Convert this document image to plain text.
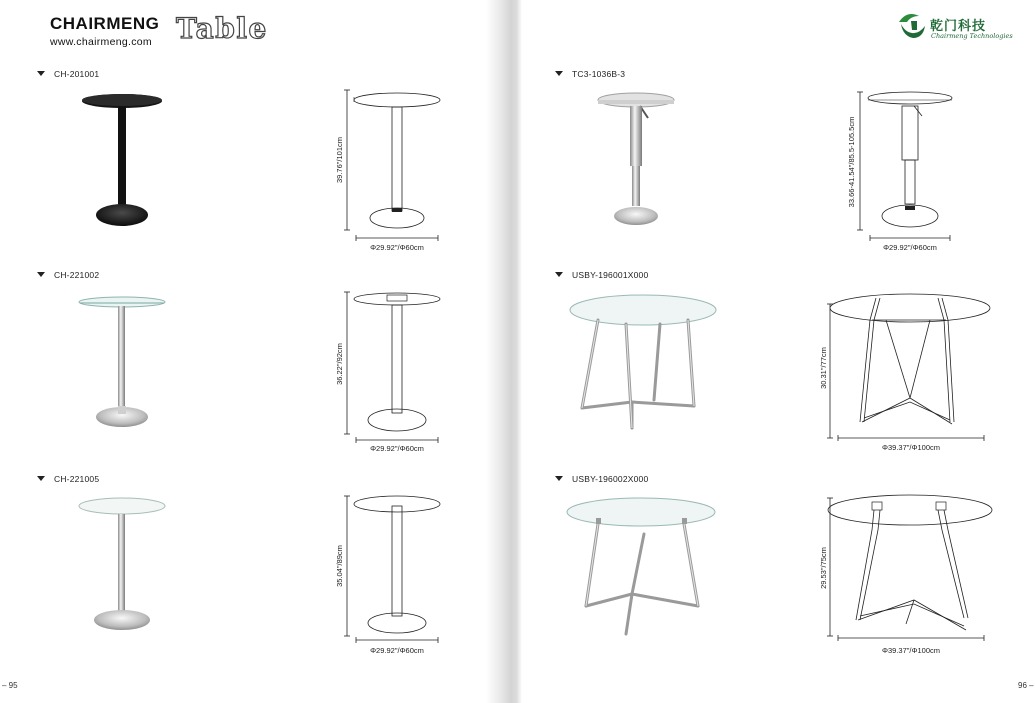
CHAIRMENG
www.chairmeng.com Table
CH-201001
Φ29.92"/Φ60cm
39.76"/101cm
CH-221002
Φ29.92"/Φ60cm
36.22"/92cm
CH-221005
Φ29.92"/Φ60cm
35.04"/89cm
– 95
乾门科技
Chairmeng Technologies
TC3-1036B-3
Φ29.92"/Φ60cm
33.66-41.54"/85.5-105.5cm
USBY-196001X000
Φ39.37"/Φ100cm
30.31"/77cm
USBY-196002X000
Φ39.37"/Φ100cm
29.53"/75cm
96 –
